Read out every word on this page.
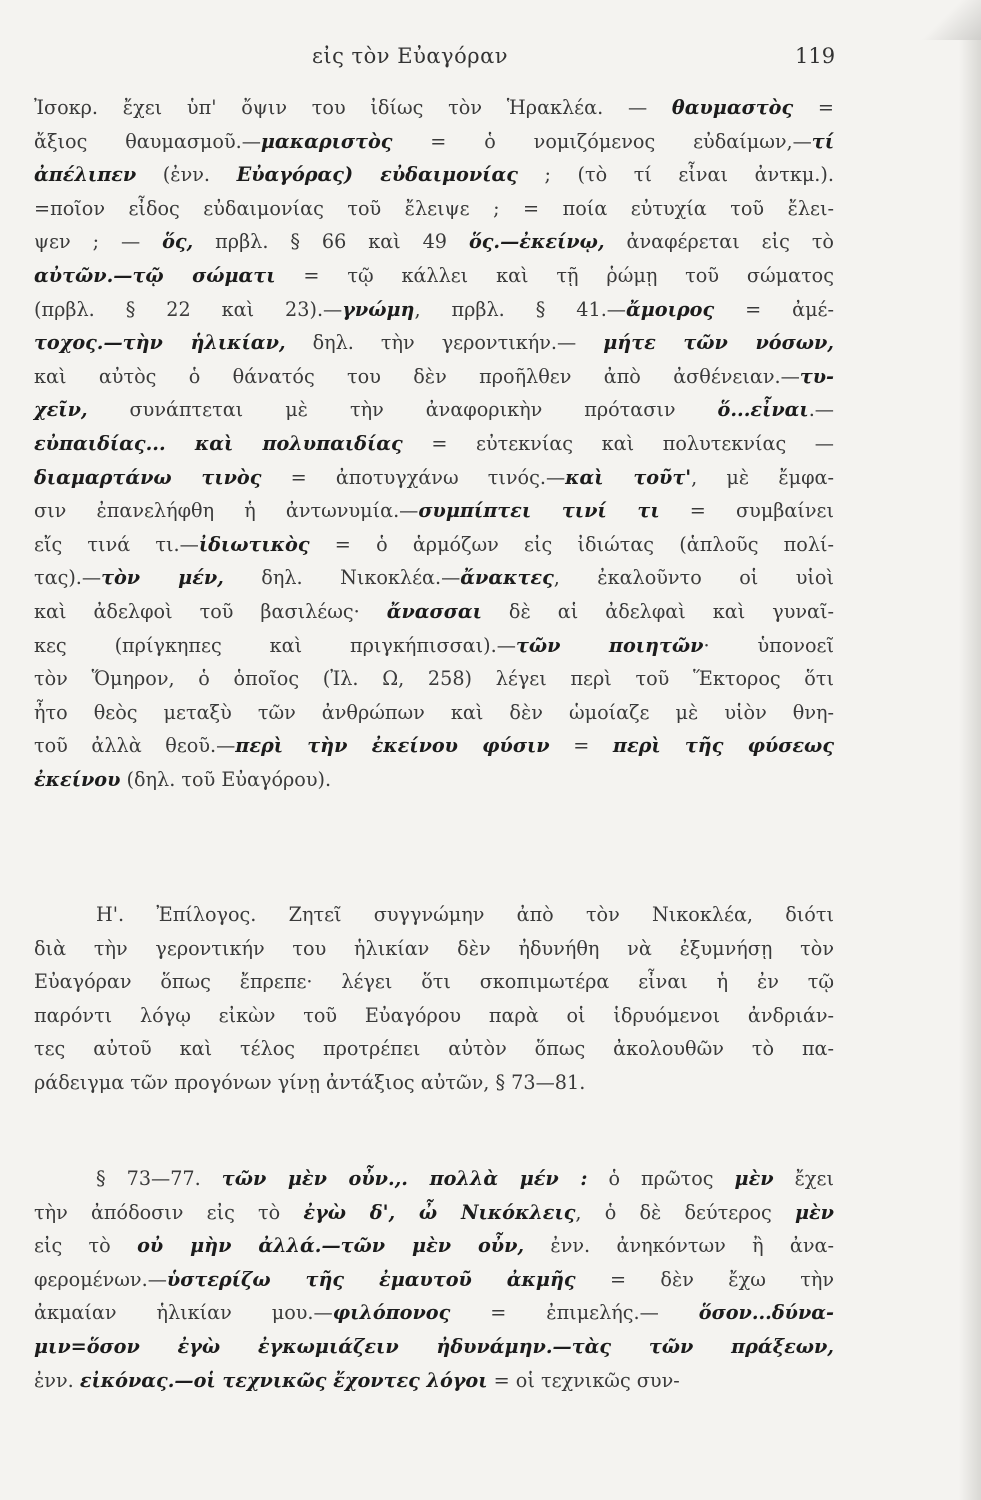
εἰς τὸν Εὐαγόραν	119

Ἰσοκρ. ἔχει ὑπ' ὄψιν του ἰδίως τὸν Ἡρακλέα. — θαυμαστὸς =

ἄξιος θαυμασμοῦ.—μακαριστὸς = ὁ νομιζόμενος εὐδαίμων,—τί

ἀπέλιπεν (ἐνν. Εὐαγόρας) εὐδαιμονίας ; (τὸ τί εἶναι ἀντκμ.).

=ποῖον εἶδος εὐδαιμονίας τοῦ ἔλειψε ; = ποία εὐτυχία τοῦ ἔλει-

ψεν ; — ὅς, πρβλ. § 66 καὶ 49 ὅς.—ἐκείνῳ, ἀναφέρεται εἰς τὸ

αὐτῶν.—τῷ σώματι = τῷ κάλλει καὶ τῇ ῥώμῃ τοῦ σώματος

(πρβλ. § 22 καὶ 23).—γνώμη, πρβλ. § 41.—ἄμοιρος = ἀμέ-

τοχος.—τὴν ἡλικίαν, δηλ. τὴν γεροντικήν.— μήτε τῶν νόσων,

καὶ αὐτὸς ὁ θάνατός του δὲν προῆλθεν ἀπὸ ἀσθένειαν.—τυ-

χεῖν, συνάπτεται μὲ τὴν ἀναφορικὴν πρότασιν ὅ...εἶναι.—

εὐπαιδίας... καὶ πολυπαιδίας = εὐτεκνίας καὶ πολυτεκνίας —

διαμαρτάνω τινὸς = ἀποτυγχάνω τινός.—καὶ τοῦτ', μὲ ἔμφα-

σιν ἐπανελήφθη ἡ ἀντωνυμία.—συμπίπτει τινί τι = συμβαίνει

εἴς τινά τι.—ἰδιωτικὸς = ὁ ἁρμόζων εἰς ἰδιώτας (ἁπλοῦς πολί-

τας).—τὸν μέν, δηλ. Νικοκλέα.—ἄνακτες, ἐκαλοῦντο οἱ υἱοὶ

καὶ ἀδελφοὶ τοῦ βασιλέως· ἄνασσαι δὲ αἱ ἀδελφαὶ καὶ γυναῖ-

κες (πρίγκηπες καὶ πριγκήπισσαι).—τῶν ποιητῶν· ὑπονοεῖ

τὸν Ὅμηρον, ὁ ὁποῖος (Ἰλ. Ω, 258) λέγει περὶ τοῦ Ἕκτορος ὅτι

ἦτο θεὸς μεταξὺ τῶν ἀνθρώπων καὶ δὲν ὡμοίαζε μὲ υἱὸν θνη-

τοῦ ἀλλὰ θεοῦ.—περὶ τὴν ἐκείνου φύσιν = περὶ τῆς φύσεως

ἐκείνου (δηλ. τοῦ Εὐαγόρου).

Η'. Ἐπίλογος. Ζητεῖ συγγνώμην ἀπὸ τὸν Νικοκλέα, διότι

διὰ τὴν γεροντικήν του ἡλικίαν δὲν ἠδυνήθη νὰ ἐξυμνήσῃ τὸν

Εὐαγόραν ὅπως ἔπρεπε· λέγει ὅτι σκοπιμωτέρα εἶναι ἡ ἐν τῷ

παρόντι λόγῳ εἰκὼν τοῦ Εὐαγόρου παρὰ οἱ ἱδρυόμενοι ἀνδριάν-

τες αὐτοῦ καὶ τέλος προτρέπει αὐτὸν ὅπως ἀκολουθῶν τὸ πα-

ράδειγμα τῶν προγόνων γίνῃ ἀντάξιος αὐτῶν, § 73—81.

§ 73—77. τῶν μὲν οὖν.,. πολλὰ μέν : ὁ πρῶτος μὲν ἔχει

τὴν ἀπόδοσιν εἰς τὸ ἐγὼ δ', ὦ Νικόκλεις, ὁ δὲ δεύτερος μὲν

εἰς τὸ οὐ μὴν ἀλλά.—τῶν μὲν οὖν, ἐνν. ἀνηκόντων ἢ ἀνα-

φερομένων.—ὑστερίζω τῆς ἐμαυτοῦ ἀκμῆς = δὲν ἔχω τὴν

ἀκμαίαν ἡλικίαν μου.—φιλόπονος = ἐπιμελής.— ὅσον...δύνα-

μιν=ὅσον ἐγὼ ἐγκωμιάζειν ἠδυνάμην.—τὰς τῶν πράξεων,

ἐνν. εἰκόνας.—οἱ τεχνικῶς ἔχοντες λόγοι = οἱ τεχνικῶς συν-
